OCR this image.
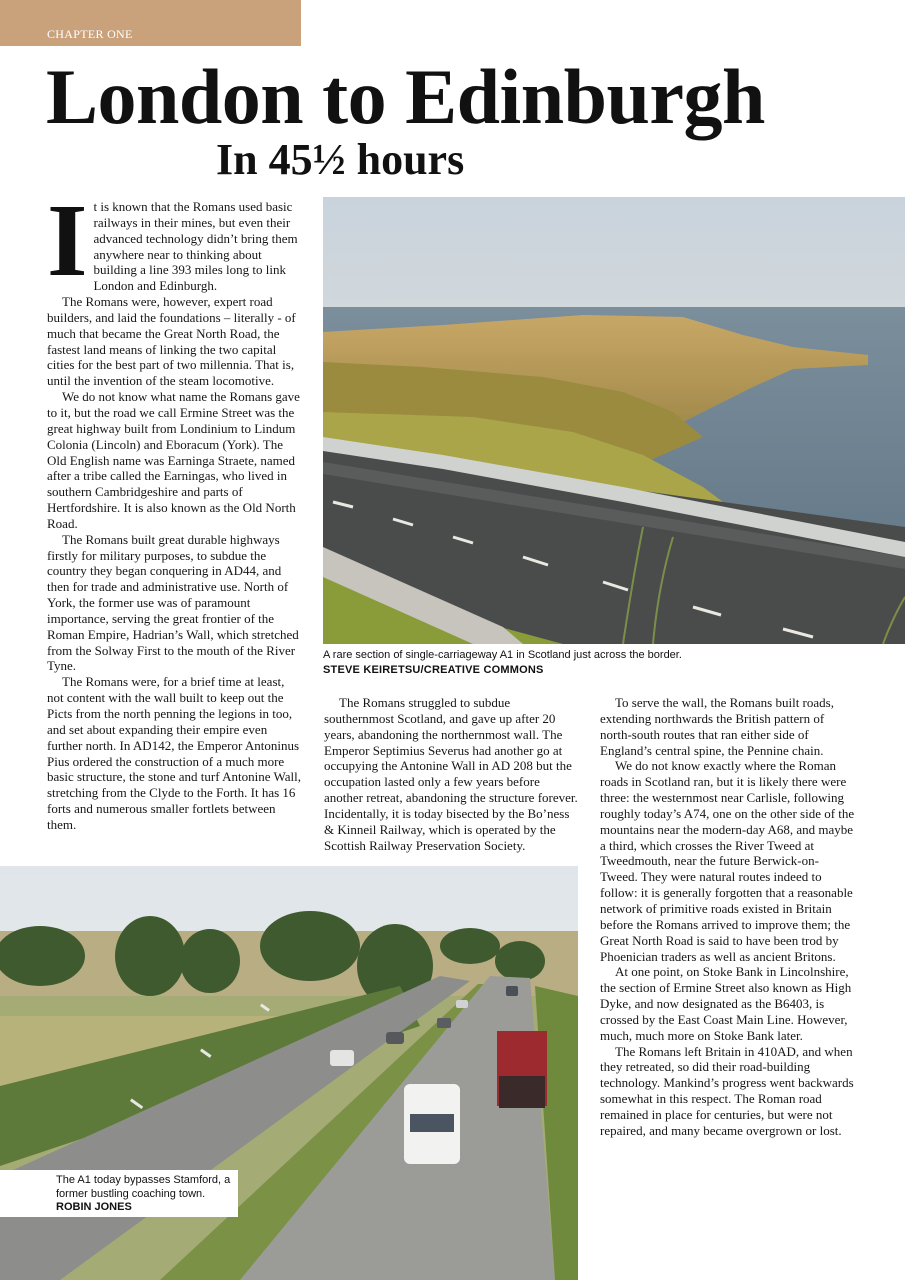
CHAPTER ONE
London to Edinburgh
In 45½ hours

It is known that the Romans used basic railways in their mines, but even their advanced technology didn’t bring them anywhere near to thinking about building a line 393 miles long to link London and Edinburgh.

The Romans were, however, expert road builders, and laid the foundations – literally - of much that became the Great North Road, the fastest land means of linking the two capital cities for the best part of two millennia. That is, until the invention of the steam locomotive.

We do not know what name the Romans gave to it, but the road we call Ermine Street was the great highway built from Londinium to Lindum Colonia (Lincoln) and Eboracum (York). The Old English name was Earninga Straete, named after a tribe called the Earningas, who lived in southern Cambridgeshire and parts of Hertfordshire. It is also known as the Old North Road.

The Romans built great durable highways firstly for military purposes, to subdue the country they began conquering in AD44, and then for trade and administrative use. North of York, the former use was of paramount importance, serving the great frontier of the Roman Empire, Hadrian’s Wall, which stretched from the Solway First to the mouth of the River Tyne.

The Romans were, for a brief time at least, not content with the wall built to keep out the Picts from the north penning the legions in too, and set about expanding their empire even further north. In AD142, the Emperor Antoninus Pius ordered the construction of a much more basic structure, the stone and turf Antonine Wall, stretching from the Clyde to the Forth. It has 16 forts and numerous smaller fortlets between them.

A rare section of single-carriageway A1 in Scotland just across the border.
STEVE KEIRETSU/CREATIVE COMMONS

The Romans struggled to subdue southernmost Scotland, and gave up after 20 years, abandoning the northernmost wall. The Emperor Septimius Severus had another go at occupying the Antonine Wall in AD 208 but the occupation lasted only a few years before another retreat, abandoning the structure forever. Incidentally, it is today bisected by the Bo’ness & Kinneil Railway, which is operated by the Scottish Railway Preservation Society.

To serve the wall, the Romans built roads, extending northwards the British pattern of north-south routes that ran either side of England’s central spine, the Pennine chain.

We do not know exactly where the Roman roads in Scotland ran, but it is likely there were three: the westernmost near Carlisle, following roughly today’s A74, one on the other side of the mountains near the modern-day A68, and maybe a third, which crosses the River Tweed at Tweedmouth, near the future Berwick-on-Tweed. They were natural routes indeed to follow: it is generally forgotten that a reasonable network of primitive roads existed in Britain before the Romans arrived to improve them; the Great North Road is said to have been trod by Phoenician traders as well as ancient Britons.

At one point, on Stoke Bank in Lincolnshire, the section of Ermine Street also known as High Dyke, and now designated as the B6403, is crossed by the East Coast Main Line. However, much, much more on Stoke Bank later.

The Romans left Britain in 410AD, and when they retreated, so did their road-building technology. Mankind’s progress went backwards somewhat in this respect. The Roman road remained in place for centuries, but were not repaired, and many became overgrown or lost.

The A1 today bypasses Stamford, a former bustling coaching town. ROBIN JONES
